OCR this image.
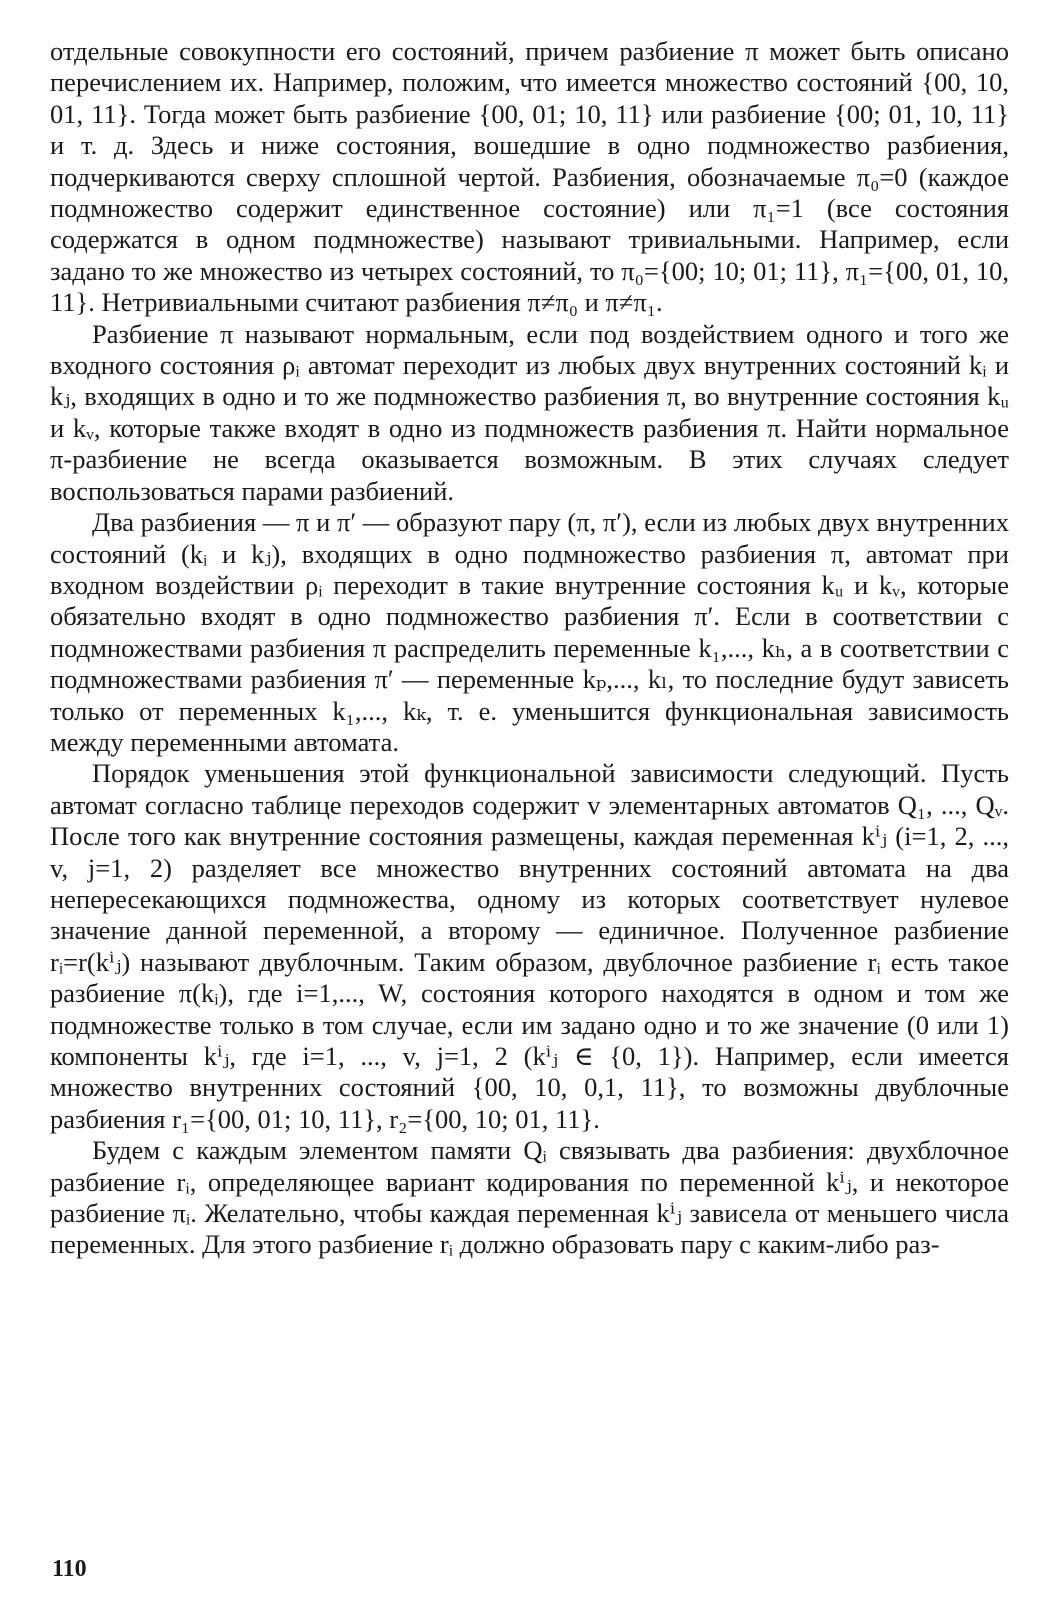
отдельные совокупности его состояний, причем разбиение π может быть описано перечислением их. Например, положим, что имеется множество состояний {00, 10, 01, 11}. Тогда может быть разбиение {00, 01; 10, 11} или разбиение {00; 01, 10, 11} и т. д. Здесь и ниже состояния, вошедшие в одно подмножество разбиения, подчеркиваются сверху сплошной чертой. Разбиения, обозначаемые π₀=0 (каждое подмножество содержит единственное состояние) или π₁=1 (все состояния содержатся в одном подмножестве) называют тривиальными. Например, если задано то же множество из четырех состояний, то π₀={00; 10; 01; 11}, π₁={00, 01, 10, 11}. Нетривиальными считают разбиения π≠π₀ и π≠π₁.

Разбиение π называют нормальным, если под воздействием одного и того же входного состояния ρᵢ автомат переходит из любых двух внутренних состояний kᵢ и kⱼ, входящих в одно и то же подмножество разбиения π, во внутренние состояния kᵤ и kᵥ, которые также входят в одно из подмножеств разбиения π. Найти нормальное π-разбиение не всегда оказывается возможным. В этих случаях следует воспользоваться парами разбиений.

Два разбиения — π и π′ — образуют пару (π, π′), если из любых двух внутренних состояний (kᵢ и kⱼ), входящих в одно подмножество разбиения π, автомат при входном воздействии ρᵢ переходит в такие внутренние состояния kᵤ и kᵥ, которые обязательно входят в одно подмножество разбиения π′. Если в соответствии с подмножествами разбиения π распределить переменные k₁,..., kₕ, а в соответствии с подмножествами разбиения π′ — переменные kₚ,..., kₗ, то последние будут зависеть только от переменных k₁,..., kₖ, т. е. уменьшится функциональная зависимость между переменными автомата.

Порядок уменьшения этой функциональной зависимости следующий. Пусть автомат согласно таблице переходов содержит v элементарных автоматов Q₁, ..., Qᵥ. После того как внутренние состояния размещены, каждая переменная kⁱⱼ (i=1, 2, ..., v, j=1, 2) разделяет все множество внутренних состояний автомата на два непересекающихся подмножества, одному из которых соответствует нулевое значение данной переменной, а второму — единичное. Полученное разбиение rᵢ=r(kⁱⱼ) называют двублочным. Таким образом, двублочное разбиение rᵢ есть такое разбиение π(kᵢ), где i=1,..., W, состояния которого находятся в одном и том же подмножестве только в том случае, если им задано одно и то же значение (0 или 1) компоненты kⁱⱼ, где i=1, ..., v, j=1, 2 (kⁱⱼ ∈ {0, 1}). Например, если имеется множество внутренних состояний {00, 10, 0,1, 11}, то возможны двублочные разбиения r₁={00, 01; 10, 11}, r₂={00, 10; 01, 11}.

Будем с каждым элементом памяти Qᵢ связывать два разбиения: двухблочное разбиение rᵢ, определяющее вариант кодирования по переменной kⁱⱼ, и некоторое разбиение πᵢ. Желательно, чтобы каждая переменная kⁱⱼ зависела от меньшего числа переменных. Для этого разбиение rᵢ должно образовать пару с каким-либо раз-

110
